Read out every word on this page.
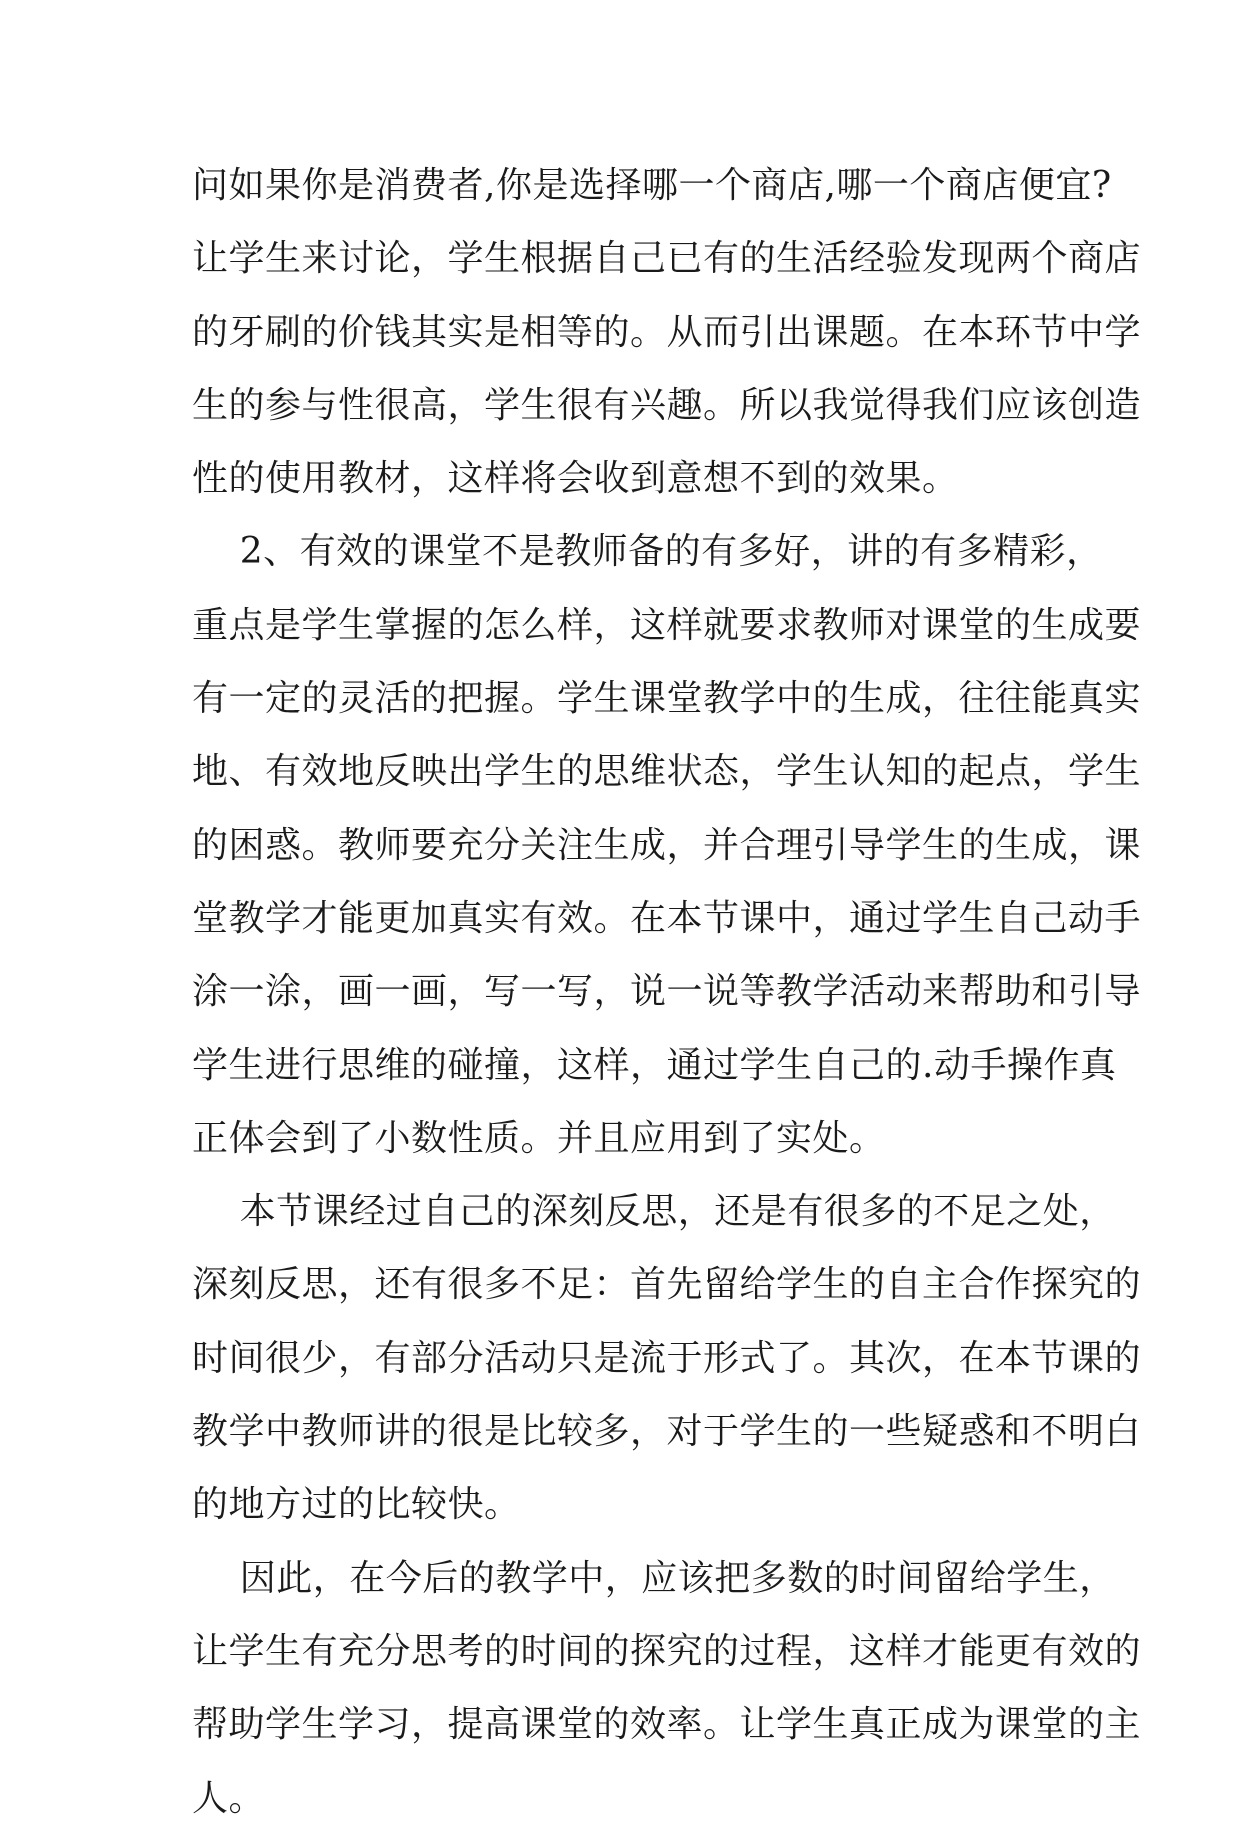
问如果你是消费者,你是选择哪一个商店,哪一个商店便宜?
让学生来讨论，学生根据自己已有的生活经验发现两个商店
的牙刷的价钱其实是相等的。从而引出课题。在本环节中学
生的参与性很高，学生很有兴趣。所以我觉得我们应该创造
性的使用教材，这样将会收到意想不到的效果。
2、有效的课堂不是教师备的有多好，讲的有多精彩，
重点是学生掌握的怎么样，这样就要求教师对课堂的生成要
有一定的灵活的把握。学生课堂教学中的生成，往往能真实
地、有效地反映出学生的思维状态，学生认知的起点，学生
的困惑。教师要充分关注生成，并合理引导学生的生成，课
堂教学才能更加真实有效。在本节课中，通过学生自己动手
涂一涂，画一画，写一写，说一说等教学活动来帮助和引导
学生进行思维的碰撞，这样，通过学生自己的.动手操作真
正体会到了小数性质。并且应用到了实处。
本节课经过自己的深刻反思，还是有很多的不足之处，
深刻反思，还有很多不足：首先留给学生的自主合作探究的
时间很少，有部分活动只是流于形式了。其次，在本节课的
教学中教师讲的很是比较多，对于学生的一些疑惑和不明白
的地方过的比较快。
因此，在今后的教学中，应该把多数的时间留给学生，
让学生有充分思考的时间的探究的过程，这样才能更有效的
帮助学生学习，提高课堂的效率。让学生真正成为课堂的主
人。
